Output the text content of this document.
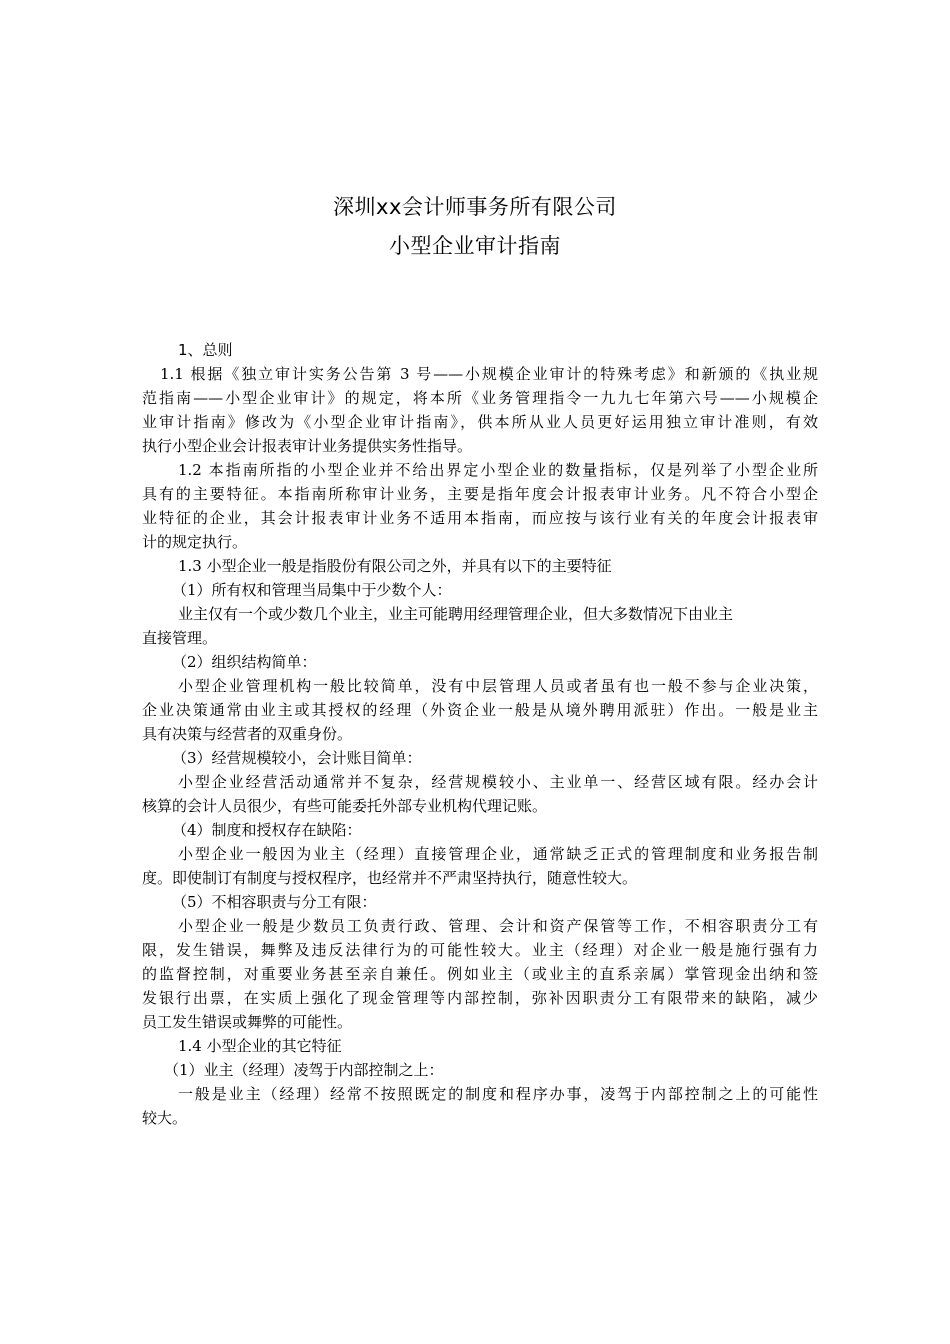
深圳xx会计师事务所有限公司
小型企业审计指南
1、总则
1.1 根据《独立审计实务公告第 3 号——小规模企业审计的特殊考虑》和新颁的《执业规
范指南——小型企业审计》的规定，将本所《业务管理指令一九九七年第六号——小规模企
业审计指南》修改为《小型企业审计指南》，供本所从业人员更好运用独立审计准则，有效
执行小型企业会计报表审计业务提供实务性指导。
1.2 本指南所指的小型企业并不给出界定小型企业的数量指标，仅是列举了小型企业所
具有的主要特征。本指南所称审计业务，主要是指年度会计报表审计业务。凡不符合小型企
业特征的企业，其会计报表审计业务不适用本指南，而应按与该行业有关的年度会计报表审
计的规定执行。
1.3 小型企业一般是指股份有限公司之外，并具有以下的主要特征
（1）所有权和管理当局集中于少数个人：
业主仅有一个或少数几个业主，业主可能聘用经理管理企业，但大多数情况下由业主
直接管理。
（2）组织结构简单：
小型企业管理机构一般比较简单，没有中层管理人员或者虽有也一般不参与企业决策，
企业决策通常由业主或其授权的经理（外资企业一般是从境外聘用派驻）作出。一般是业主
具有决策与经营者的双重身份。
（3）经营规模较小，会计账目简单：
小型企业经营活动通常并不复杂，经营规模较小、主业单一、经营区域有限。经办会计
核算的会计人员很少，有些可能委托外部专业机构代理记账。
（4）制度和授权存在缺陷：
小型企业一般因为业主（经理）直接管理企业，通常缺乏正式的管理制度和业务报告制
度。即使制订有制度与授权程序，也经常并不严肃坚持执行，随意性较大。
（5）不相容职责与分工有限：
小型企业一般是少数员工负责行政、管理、会计和资产保管等工作，不相容职责分工有
限，发生错误，舞弊及违反法律行为的可能性较大。业主（经理）对企业一般是施行强有力
的监督控制，对重要业务甚至亲自兼任。例如业主（或业主的直系亲属）掌管现金出纳和签
发银行出票，在实质上强化了现金管理等内部控制，弥补因职责分工有限带来的缺陷，减少
员工发生错误或舞弊的可能性。
1.4 小型企业的其它特征
（1）业主（经理）凌驾于内部控制之上：
一般是业主（经理）经常不按照既定的制度和程序办事，凌驾于内部控制之上的可能性
较大。
